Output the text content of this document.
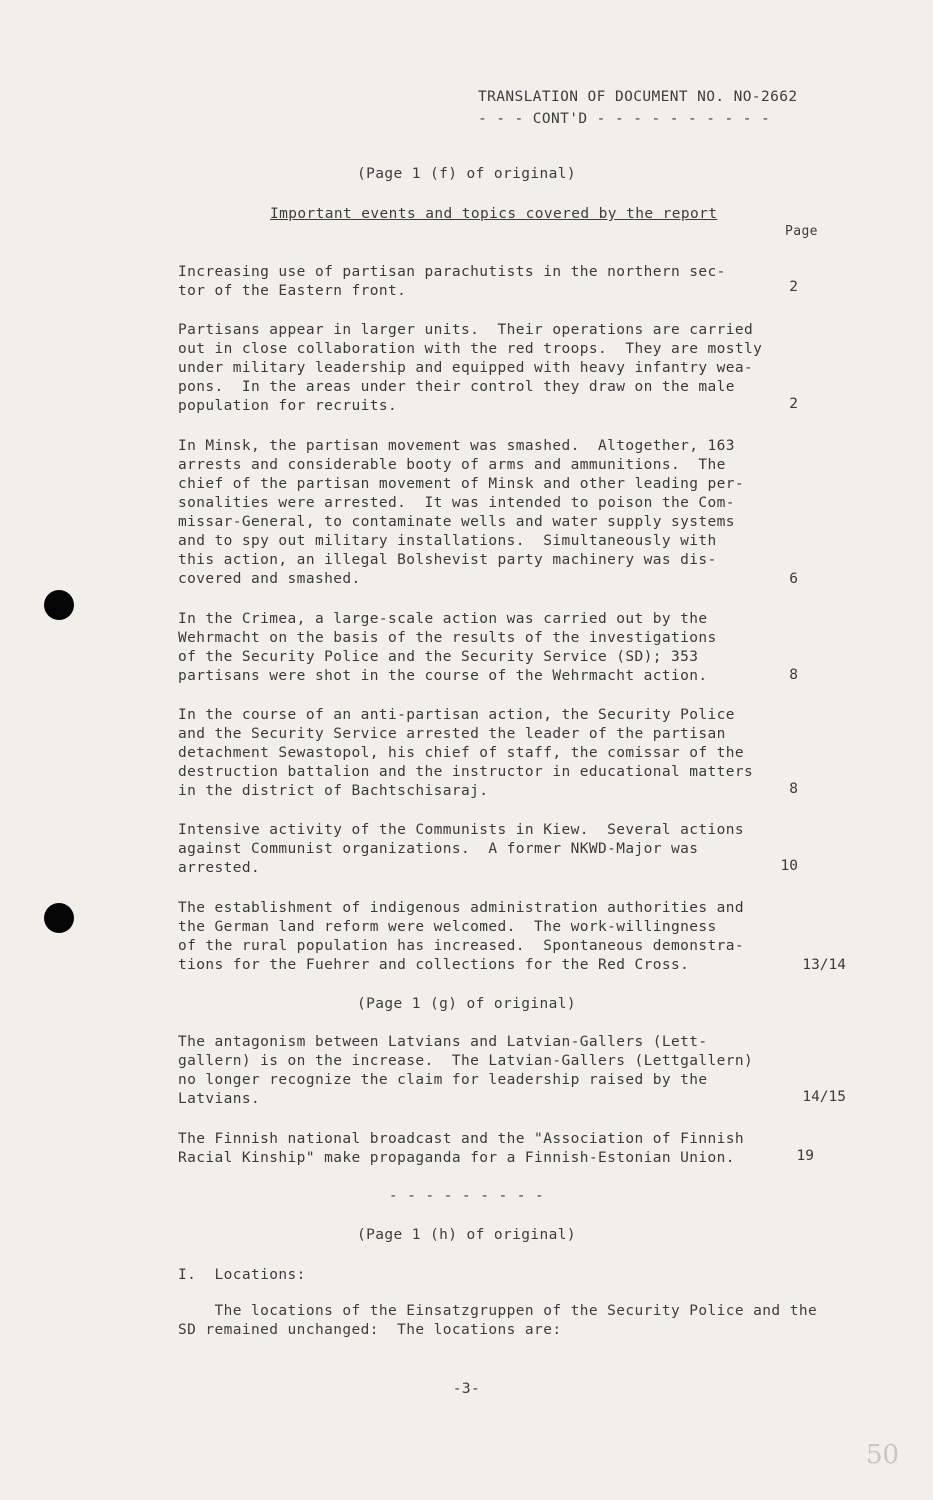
TRANSLATION OF DOCUMENT NO. NO-2662
- - - CONT'D - - - - - - - - - -
(Page 1 (f) of original)
Important events and topics covered by the report
Page
Increasing use of partisan parachutists in the northern sec-
tor of the Eastern front.	2
Partisans appear in larger units.  Their operations are carried
out in close collaboration with the red troops.  They are mostly
under military leadership and equipped with heavy infantry wea-
pons.  In the areas under their control they draw on the male
population for recruits.	2
In Minsk, the partisan movement was smashed.  Altogether, 163
arrests and considerable booty of arms and ammunitions.  The
chief of the partisan movement of Minsk and other leading per-
sonalities were arrested.  It was intended to poison the Com-
missar-General, to contaminate wells and water supply systems
and to spy out military installations.  Simultaneously with
this action, an illegal Bolshevist party machinery was dis-
covered and smashed.	6
In the Crimea, a large-scale action was carried out by the
Wehrmacht on the basis of the results of the investigations
of the Security Police and the Security Service (SD); 353
partisans were shot in the course of the Wehrmacht action.	8
In the course of an anti-partisan action, the Security Police
and the Security Service arrested the leader of the partisan
detachment Sewastopol, his chief of staff, the comissar of the
destruction battalion and the instructor in educational matters
in the district of Bachtschisaraj.	8
Intensive activity of the Communists in Kiew.  Several actions
against Communist organizations.  A former NKWD-Major was
arrested.	10
The establishment of indigenous administration authorities and
the German land reform were welcomed.  The work-willingness
of the rural population has increased.  Spontaneous demonstra-
tions for the Fuehrer and collections for the Red Cross.	13/14
(Page 1 (g) of original)
The antagonism between Latvians and Latvian-Gallers (Lett-
gallern) is on the increase.  The Latvian-Gallers (Lettgallern)
no longer recognize the claim for leadership raised by the
Latvians.	14/15
The Finnish national broadcast and the "Association of Finnish
Racial Kinship" make propaganda for a Finnish-Estonian Union.	19
- - - - - - - - -
(Page 1 (h) of original)
I.  Locations:
The locations of the Einsatzgruppen of the Security Police and the
SD remained unchanged:  The locations are:
-3-
50
